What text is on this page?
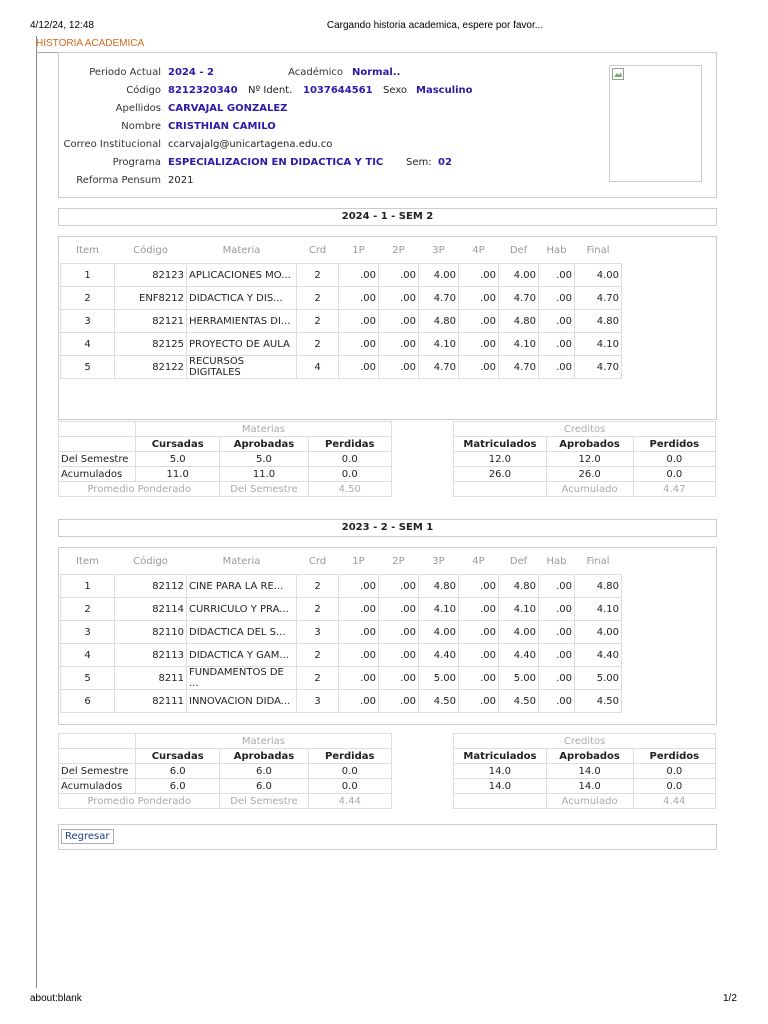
4/12/24, 12:48	Cargando historia academica, espere por favor...
about:blank	1/2
HISTORIA ACADEMICA
Periodo Actual 2024 - 2	Académico Normal..
Código 8212320340 Nº Ident. 1037644561 Sexo Masculino
Apellidos CARVAJAL GONZALEZ
Nombre CRISTHIAN CAMILO
Correo Institucional ccarvajalg@unicartagena.edu.co
Programa ESPECIALIZACION EN DIDACTICA Y TIC Sem: 02
Reforma Pensum 2021
2024 - 1 - SEM 2
Item	Código	Materia	Crd	1P	2P	3P	4P	Def	Hab	Final
1	82123	APLICACIONES MO...	2	.00	.00	4.00	.00	4.00	.00	4.00
2	ENF8212	DIDACTICA Y DIS...	2	.00	.00	4.70	.00	4.70	.00	4.70
3	82121	HERRAMIENTAS DI...	2	.00	.00	4.80	.00	4.80	.00	4.80
4	82125	PROYECTO DE AULA	2	.00	.00	4.10	.00	4.10	.00	4.10
5	82122	RECURSOS DIGITALES	4	.00	.00	4.70	.00	4.70	.00	4.70
	Materias				Creditos		
	Cursadas	Aprobadas	Perdidas		Matriculados	Aprobados	Perdidos
Del Semestre	5.0	5.0	0.0		12.0	12.0	0.0
Acumulados	11.0	11.0	0.0		26.0	26.0	0.0
Promedio Ponderado		Del Semestre	4.50			Acumulado	4.47
2023 - 2 - SEM 1
Item	Código	Materia	Crd	1P	2P	3P	4P	Def	Hab	Final
1	82112	CINE PARA LA RE...	2	.00	.00	4.80	.00	4.80	.00	4.80
2	82114	CURRICULO Y PRA...	2	.00	.00	4.10	.00	4.10	.00	4.10
3	82110	DIDACTICA DEL S...	3	.00	.00	4.00	.00	4.00	.00	4.00
4	82113	DIDACTICA Y GAM...	2	.00	.00	4.40	.00	4.40	.00	4.40
5	8211	FUNDAMENTOS DE ...	2	.00	.00	5.00	.00	5.00	.00	5.00
6	82111	INNOVACION DIDA...	3	.00	.00	4.50	.00	4.50	.00	4.50
	Materias				Creditos		
	Cursadas	Aprobadas	Perdidas		Matriculados	Aprobados	Perdidos
Del Semestre	6.0	6.0	0.0		14.0	14.0	0.0
Acumulados	6.0	6.0	0.0		14.0	14.0	0.0
Promedio Ponderado		Del Semestre	4.44			Acumulado	4.44
Regresar
